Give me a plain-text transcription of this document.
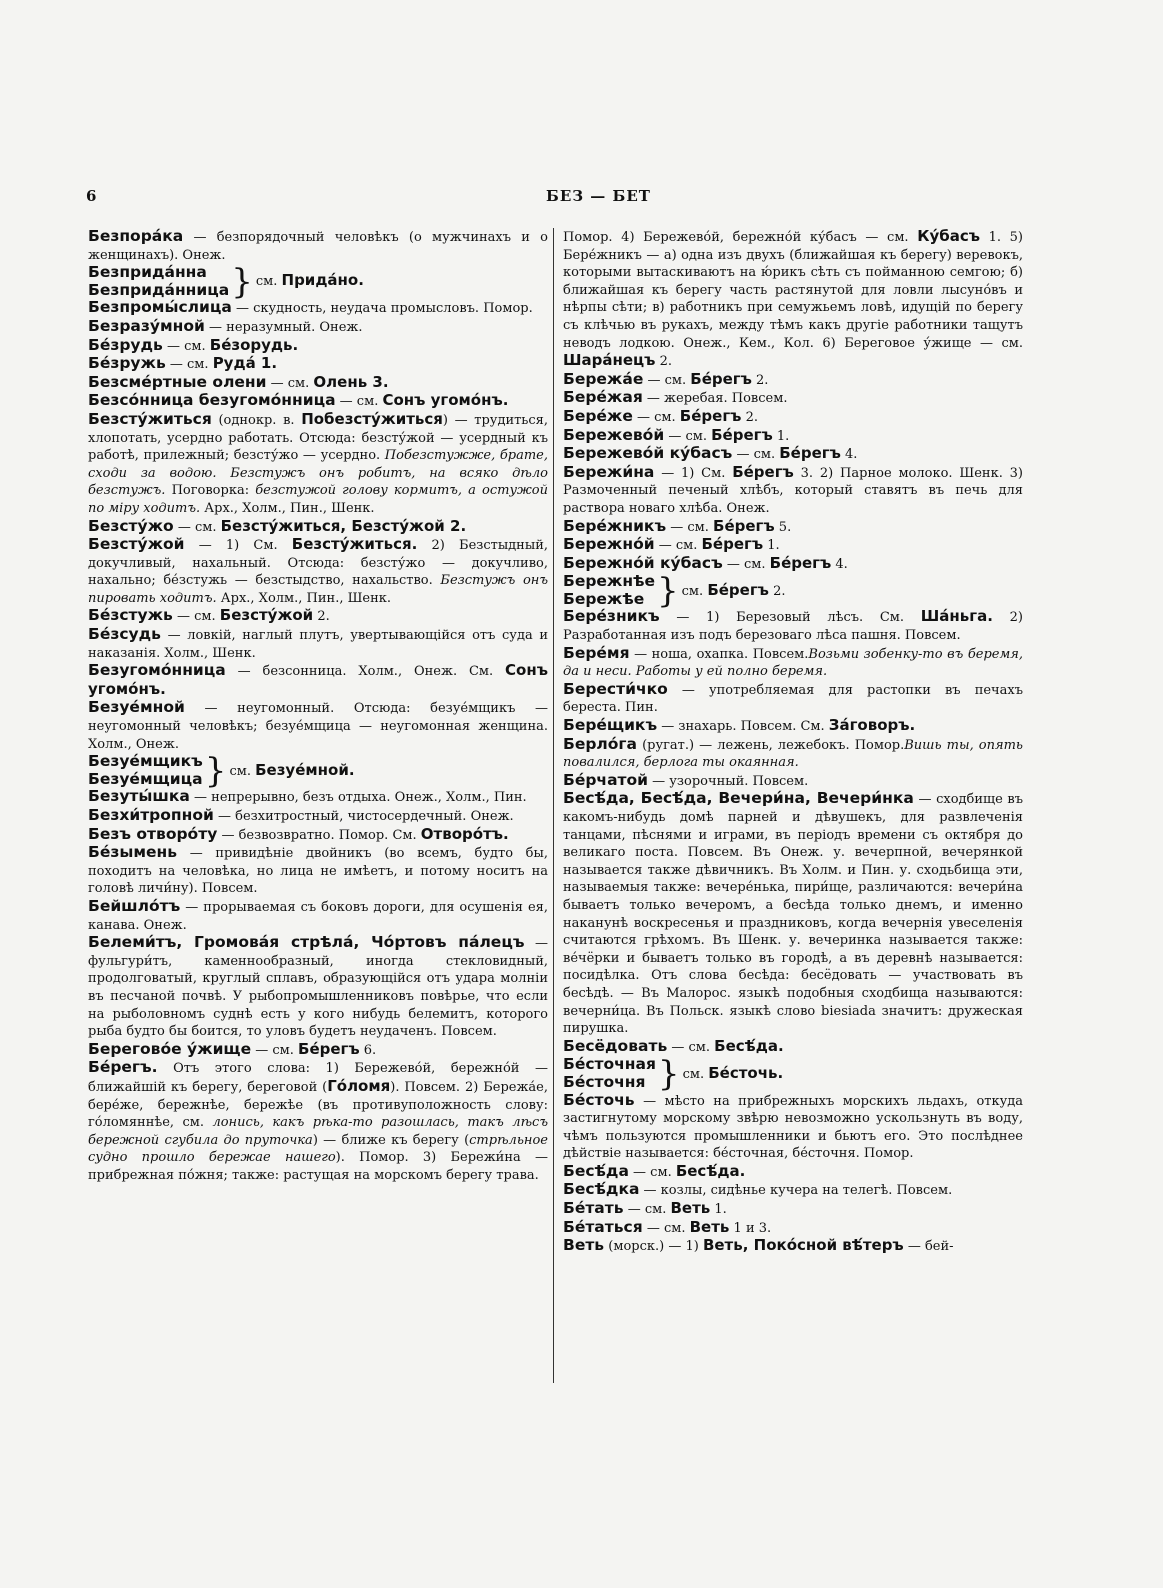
6	БЕЗ — БЕТ

Безпора́ка — безпорядочный человѣкъ (о мужчинахъ и о женщинахъ). Онеж.

Безприда́нна
Безприда́нница } см. Прида́но.

Безпромы́слица — скудность, неудача промысловъ. Помор.

Безразу́мной — неразумный. Онеж.

Бе́зрудь — см. Бе́зорудь.

Бе́зружь — см. Руда́ 1.

Безсме́ртные олени — см. Олень 3.

Безсо́нница безугомо́нница — см. Сонъ угомо́нъ.

Безсту́житься (однокр. в. Побезсту́житься) — трудиться, хлопотать, усердно работать. Отсюда: безсту́жой — усердный къ работѣ, прилежный; безсту́жо — усердно. Побезстужже, брате, сходи за водою. Безстужъ онъ робитъ, на всяко дѣло безстужъ. Поговорка: безстужой голову кормитъ, а остужой по міру ходитъ. Арх., Холм., Пин., Шенк.

Безсту́жо — см. Безсту́житься, Безсту́жой 2.

Безсту́жой — 1) См. Безсту́житься. 2) Безстыдный, докучливый, нахальный. Отсюда: безсту́жо — докучливо, нахально; бе́зстужь — безстыдство, нахальство. Безстужъ онъ пировать ходитъ. Арх., Холм., Пин., Шенк.

Бе́зстужь — см. Безсту́жой 2.

Бе́зсудь — ловкій, наглый плутъ, увертывающійся отъ суда и наказанія. Холм., Шенк.

Безугомо́нница — безсонница. Холм., Онеж. См. Сонъ угомо́нъ.

Безуе́мной — неугомонный. Отсюда: безуе́мщикъ — неугомонный человѣкъ; безуе́мщица — неугомонная женщина. Холм., Онеж.

Безуе́мщикъ
Безуе́мщица } см. Безуе́мной.

Безуты́шка — непрерывно, безъ отдыха. Онеж., Холм., Пин.

Безхи́тропной — безхитростный, чистосердечный. Онеж.

Безъ отворо́ту — безвозвратно. Помор. См. Отворо́тъ.

Бе́зымень — привидѣніе двойникъ (во всемъ, будто бы, походитъ на человѣка, но лица не имѣетъ, и потому носитъ на головѣ личи́ну). Повсем.

Бейшло́тъ — прорываемая съ боковъ дороги, для осушенія ея, канава. Онеж.

Белеми́тъ, Громова́я стрѣла́, Чо́ртовъ па́лецъ — фульгури́тъ, каменнообразный, иногда стекловидный, продолговатый, круглый сплавъ, образующійся отъ удара молніи въ песчаной почвѣ. У рыбопромышленниковъ повѣрье, что если на рыболовномъ суднѣ есть у кого нибудь белемитъ, которого рыба будто бы боится, то уловъ будетъ неудаченъ. Повсем.

Берегово́е у́жище — см. Бе́регъ 6.

Бе́регъ. Отъ этого слова: 1) Бережево́й, бережно́й — ближайшій къ берегу, береговой (Го́ломя). Повсем. 2) Бережа́е, бере́же, бережнѣе, бережѣе (въ противуположность слову: го́ломяннѣе, см. лонись, какъ рѣка-то разошлась, такъ лѣсъ бережной сгубила до пруточка) — ближе къ берегу (стрѣльное судно прошло бережае нашего). Помор. 3) Бережи́на — прибрежная по́жня; также: растущая на морскомъ берегу трава.

Помор. 4) Бережево́й, бережно́й ку́басъ — см. Ку́басъ 1. 5) Бере́жникъ — а) одна изъ двухъ (ближайшая къ берегу) веревокъ, которыми вытаскиваютъ на ю́рикъ сѣть съ пойманною семгою; б) ближайшая къ берегу часть растянутой для ловли лысуно́въ и нѣрпы сѣти; в) работникъ при семужьемъ ловѣ, идущій по берегу съ клѣчью въ рукахъ, между тѣмъ какъ другіе работники тащутъ неводъ лодкою. Онеж., Кем., Кол. 6) Береговое у́жище — см. Шара́нецъ 2.

Бережа́е — см. Бе́регъ 2.

Бере́жая — жеребая. Повсем.

Бере́же — см. Бе́регъ 2.

Бережево́й — см. Бе́регъ 1.

Бережево́й ку́басъ — см. Бе́регъ 4.

Бережи́на — 1) См. Бе́регъ 3. 2) Парное молоко. Шенк. 3) Размоченный печеный хлѣбъ, который ставятъ въ печь для раствора новаго хлѣба. Онеж.

Бере́жникъ — см. Бе́регъ 5.

Бережно́й — см. Бе́регъ 1.

Бережно́й ку́басъ — см. Бе́регъ 4.

Бережнѣе
Бережѣе } см. Бе́регъ 2.

Бере́зникъ — 1) Березовый лѣсъ. См. Ша́ньга. 2) Разработанная изъ подъ березоваго лѣса пашня. Повсем.

Бере́мя — ноша, охапка. Повсем.Возьми зобенку-то въ беремя, да и неси. Работы у ей полно беремя.

Берести́чко — употребляемая для растопки въ печахъ береста. Пин.

Бере́щикъ — знахарь. Повсем. См. За́говоръ.

Берло́га (ругат.) — лежень, лежебокъ. Помор.Вишь ты, опять повалился, берлога ты окаянная.

Бе́рчатой — узорочный. Повсем.

Бесѣ́да, Бесѣ́да, Вечери́на, Вечери́нка — сходбище въ какомъ-нибудь домѣ парней и дѣвушекъ, для развлеченія танцами, пѣснями и играми, въ періодъ времени съ октября до великаго поста. Повсем. Въ Онеж. у. вечерпной, вечерянкой называется также дѣвичникъ. Въ Холм. и Пин. у. сходьбища эти, называемыя также: вечере́нька, пири́ще, различаются: вечери́на бываетъ только вечеромъ, а бесѣда только днемъ, и именно наканунѣ воскресенья и праздниковъ, когда вечернія увеселенія считаются грѣхомъ. Въ Шенк. у. вечеринка называется также: ве́чёрки и бываетъ только въ городѣ, а въ деревнѣ называется: посидѣлка. Отъ слова бесѣда: бесёдовать — участвовать въ бесѣдѣ. — Въ Малорос. языкѣ подобныя сходбища называются: вечерни́ца. Въ Польск. языкѣ слово biesiada значитъ: дружеская пирушка.

Бесёдовать — см. Бесѣ́да.

Бе́сточная
Бе́сточня } см. Бе́сточь.

Бе́сточь — мѣсто на прибрежныхъ морскихъ льдахъ, откуда застигнутому морскому звѣрю невозможно ускользнуть въ воду, чѣмъ пользуются промышленники и бьютъ его. Это послѣднее дѣйствіе называется: бе́сточная, бе́сточня. Помор.

Бесѣ́да — см. Бесѣ́да.

Бесѣ́дка — козлы, сидѣнье кучера на телегѣ. Повсем.

Бе́тать — см. Веть 1.

Бе́таться — см. Веть 1 и 3.

Веть (морск.) — 1) Веть, Поко́сной вѣ́теръ — бей-
